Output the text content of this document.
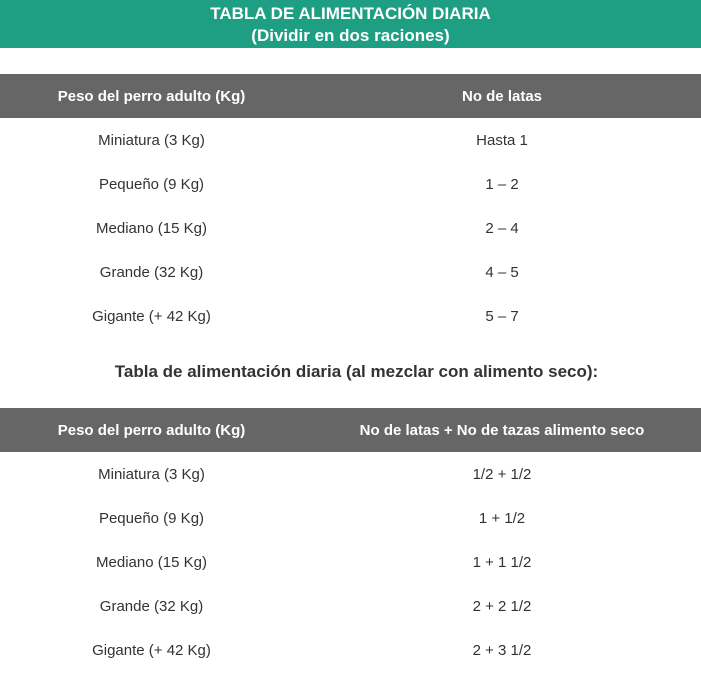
TABLA DE ALIMENTACIÓN DIARIA
(Dividir en dos raciones)
Peso del perro adulto (Kg)	No de latas
Miniatura (3 Kg)	Hasta 1
Pequeño (9 Kg)	1 – 2
Mediano (15 Kg)	2 – 4
Grande (32 Kg)	4 – 5
Gigante (+ 42 Kg)	5 – 7
Tabla de alimentación diaria (al mezclar con alimento seco):
Peso del perro adulto (Kg)	No de latas + No de tazas alimento seco
Miniatura (3 Kg)	1/2 + 1/2
Pequeño (9 Kg)	1 + 1/2
Mediano (15 Kg)	1 + 1 1/2
Grande (32 Kg)	2 + 2 1/2
Gigante (+ 42 Kg)	2 + 3 1/2
